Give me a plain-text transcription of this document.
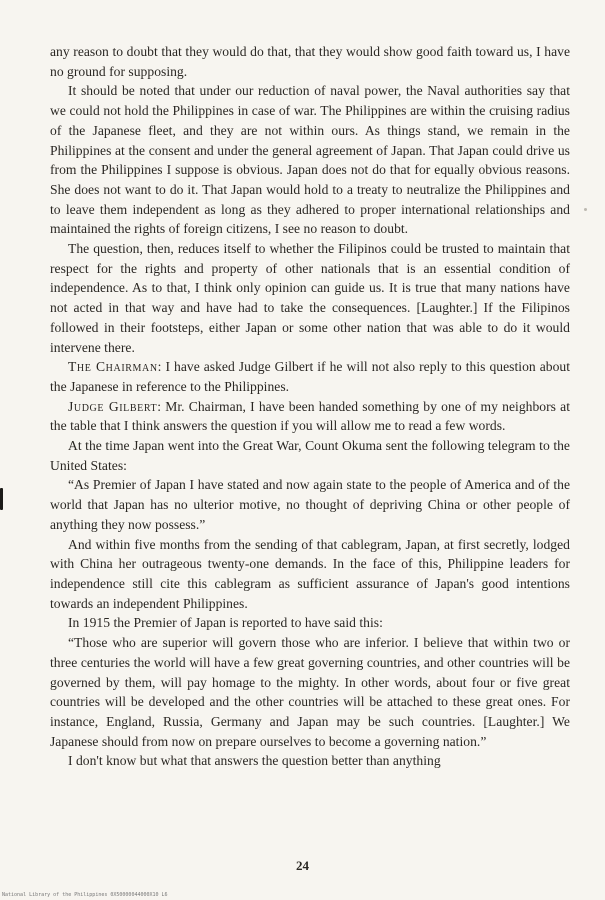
any reason to doubt that they would do that, that they would show good faith toward us, I have no ground for supposing.

It should be noted that under our reduction of naval power, the Naval authorities say that we could not hold the Philippines in case of war. The Philippines are within the cruising radius of the Japanese fleet, and they are not within ours. As things stand, we remain in the Philippines at the consent and under the general agreement of Japan. That Japan could drive us from the Philippines I suppose is obvious. Japan does not do that for equally obvious reasons. She does not want to do it. That Japan would hold to a treaty to neutralize the Philippines and to leave them independent as long as they adhered to proper international relationships and maintained the rights of foreign citizens, I see no reason to doubt.

The question, then, reduces itself to whether the Filipinos could be trusted to maintain that respect for the rights and property of other nationals that is an essential condition of independence. As to that, I think only opinion can guide us. It is true that many nations have not acted in that way and have had to take the consequences. [Laughter.] If the Filipinos followed in their footsteps, either Japan or some other nation that was able to do it would intervene there.

The Chairman: I have asked Judge Gilbert if he will not also reply to this question about the Japanese in reference to the Philippines.

Judge Gilbert: Mr. Chairman, I have been handed something by one of my neighbors at the table that I think answers the question if you will allow me to read a few words.

At the time Japan went into the Great War, Count Okuma sent the following telegram to the United States:

“As Premier of Japan I have stated and now again state to the people of America and of the world that Japan has no ulterior motive, no thought of depriving China or other people of anything they now possess.”

And within five months from the sending of that cablegram, Japan, at first secretly, lodged with China her outrageous twenty-one demands. In the face of this, Philippine leaders for independence still cite this cablegram as sufficient assurance of Japan's good intentions towards an independent Philippines.

In 1915 the Premier of Japan is reported to have said this:

“Those who are superior will govern those who are inferior. I believe that within two or three centuries the world will have a few great governing countries, and other countries will be governed by them, will pay homage to the mighty. In other words, about four or five great countries will be developed and the other countries will be attached to these great ones. For instance, England, Russia, Germany and Japan may be such countries. [Laughter.] We Japanese should from now on prepare ourselves to become a governing nation.”

I don't know but what that answers the question better than anything

24
National Library of the Philippines 0X50000044000X10 L6
